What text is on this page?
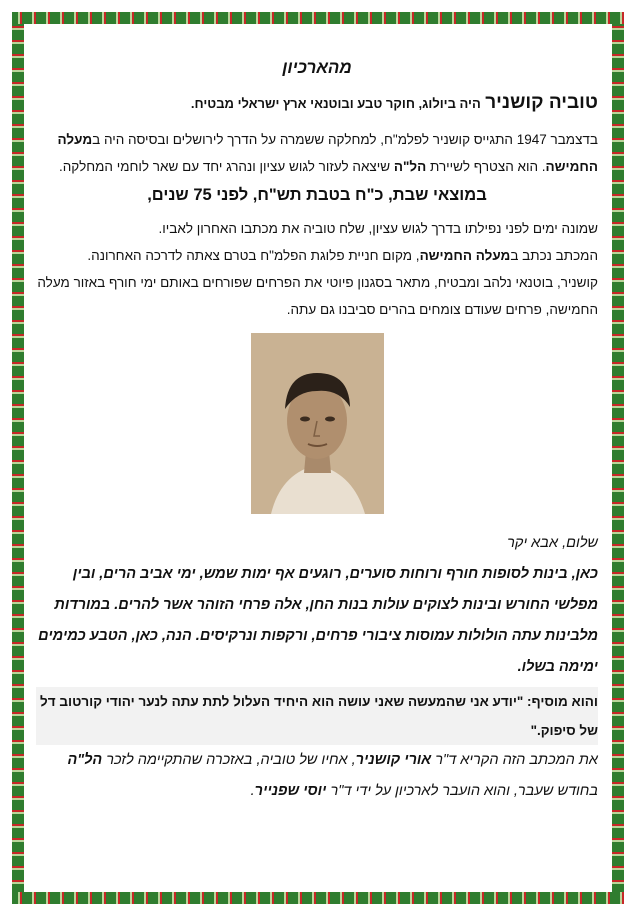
מהארכיון

טוביה קושניר היה ביולוג, חוקר טבע ובוטנאי ארץ ישראלי מבטיח.

בדצמבר 1947 התגייס קושניר לפלמ"ח, למחלקה ששמרה על הדרך לירושלים ובסיסה היה במעלה החמישה. הוא הצטרף לשיירת הל"ה שיצאה לעזור לגוש עציון ונהרג יחד עם שאר לוחמי המחלקה.

במוצאי שבת, כ"ח בטבת תש"ח, לפני 75 שנים,

שמונה ימים לפני נפילתו בדרך לגוש עציון, שלח טוביה את מכתבו האחרון לאביו.

המכתב נכתב במעלה החמישה, מקום חניית פלוגת הפלמ"ח בטרם צאתה לדרכה האחרונה.

קושניר, בוטנאי נלהב ומבטיח, מתאר בסגנון פיוטי את הפרחים שפורחים באותם ימי חורף באזור מעלה החמישה, פרחים שעודם צומחים בהרים סביבנו גם עתה.

שלום, אבא יקר

כאן, בינות לסופות חורף ורוחות סוערים, רוגעים אף ימות שמש, ימי אביב הרים, ובין מפלשי החורש ובינות לצוקים עולות בנות החן, אלה פרחי הזוהר אשר להרים. במורדות מלבינות עתה הולולות עמוסות ציבורי פרחים, ורקפות ונרקיסים. הנה, כאן, הטבע כמימים ימימה בשלו.

והוא מוסיף: "יודע אני שהמעשה שאני עושה הוא היחיד העלול לתת עתה לנער יהודי קורטוב דל של סיפוק."

את המכתב הזה הקריא ד"ר אורי קושניר, אחיו של טוביה, באזכרה שהתקיימה לזכר הל"ה בחודש שעבר, והוא הועבר לארכיון על ידי ד"ר יוסי שפנייר.
